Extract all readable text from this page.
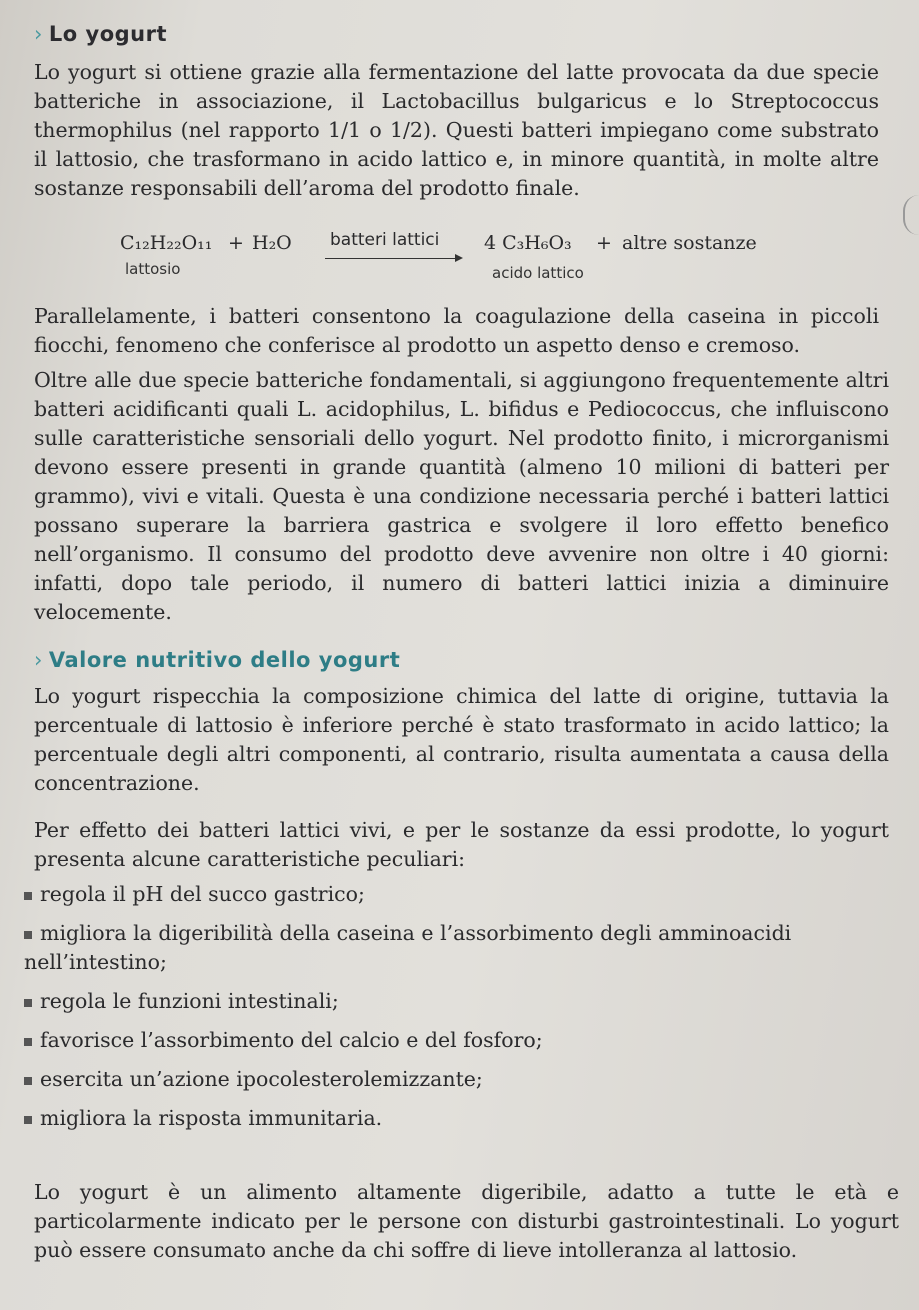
› Lo yogurt

Lo yogurt si ottiene grazie alla fermentazione del latte provocata da due specie batteriche in associazione, il Lactobacillus bulgaricus e lo Streptococcus thermophilus (nel rapporto 1/1 o 1/2). Questi batteri impiegano come substrato il lattosio, che trasformano in acido lattico e, in minore quantità, in molte altre sostanze responsabili dell’aroma del prodotto finale.

C₁₂H₂₂O₁₁ + H₂O batteri lattici 4 C₃H₆O₃ + altre sostanze
lattosio	acido lattico

Parallelamente, i batteri consentono la coagulazione della caseina in piccoli fiocchi, fenomeno che conferisce al prodotto un aspetto denso e cremoso.

Oltre alle due specie batteriche fondamentali, si aggiungono frequentemente altri batteri acidificanti quali L. acidophilus, L. bifidus e Pediococcus, che influiscono sulle caratteristiche sensoriali dello yogurt. Nel prodotto finito, i microrganismi devono essere presenti in grande quantità (almeno 10 milioni di batteri per grammo), vivi e vitali. Questa è una condizione necessaria perché i batteri lattici possano superare la barriera gastrica e svolgere il loro effetto benefico nell’organismo. Il consumo del prodotto deve avvenire non oltre i 40 giorni: infatti, dopo tale periodo, il numero di batteri lattici inizia a diminuire velocemente.

› Valore nutritivo dello yogurt

Lo yogurt rispecchia la composizione chimica del latte di origine, tuttavia la percentuale di lattosio è inferiore perché è stato trasformato in acido lattico; la percentuale degli altri componenti, al contrario, risulta aumentata a causa della concentrazione.

Per effetto dei batteri lattici vivi, e per le sostanze da essi prodotte, lo yogurt presenta alcune caratteristiche peculiari:

regola il pH del succo gastrico;
migliora la digeribilità della caseina e l’assorbimento degli amminoacidi nell’intestino;
regola le funzioni intestinali;
favorisce l’assorbimento del calcio e del fosforo;
esercita un’azione ipocolesterolemizzante;
migliora la risposta immunitaria.

Lo yogurt è un alimento altamente digeribile, adatto a tutte le età e particolarmente indicato per le persone con disturbi gastrointestinali. Lo yogurt può essere consumato anche da chi soffre di lieve intolleranza al lattosio.
